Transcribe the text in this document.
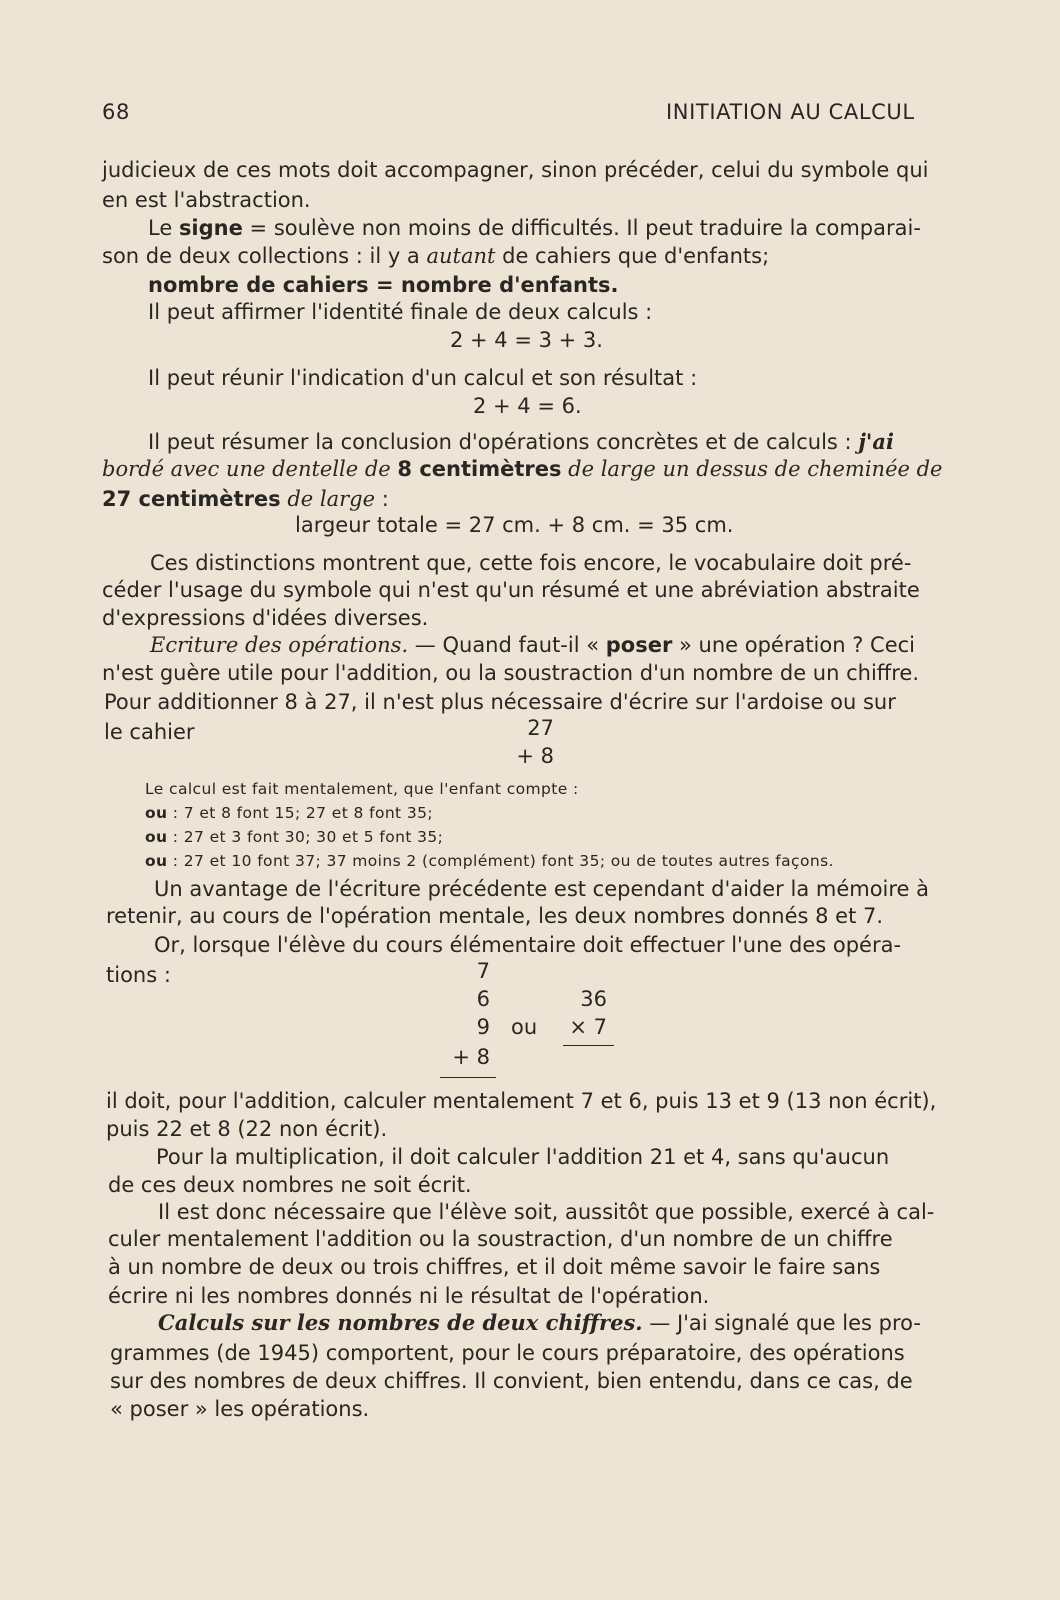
68	INITIATION AU CALCUL
judicieux de ces mots doit accompagner, sinon précéder, celui du symbole qui
en est l'abstraction.
Le signe = soulève non moins de difficultés. Il peut traduire la comparai-
son de deux collections : il y a autant de cahiers que d'enfants;
nombre de cahiers = nombre d'enfants.
Il peut affirmer l'identité finale de deux calculs :
2 + 4 = 3 + 3.
Il peut réunir l'indication d'un calcul et son résultat :
2 + 4 = 6.
Il peut résumer la conclusion d'opérations concrètes et de calculs : j'ai
bordé avec une dentelle de 8 centimètres de large un dessus de cheminée de
27 centimètres de large :
largeur totale = 27 cm. + 8 cm. = 35 cm.
Ces distinctions montrent que, cette fois encore, le vocabulaire doit pré-
céder l'usage du symbole qui n'est qu'un résumé et une abréviation abstraite
d'expressions d'idées diverses.
Ecriture des opérations. — Quand faut-il « poser » une opération ? Ceci
n'est guère utile pour l'addition, ou la soustraction d'un nombre de un chiffre.
Pour additionner 8 à 27, il n'est plus nécessaire d'écrire sur l'ardoise ou sur
le cahier	27
+ 8
Le calcul est fait mentalement, que l'enfant compte :
ou : 7 et 8 font 15; 27 et 8 font 35;
ou : 27 et 3 font 30; 30 et 5 font 35;
ou : 27 et 10 font 37; 37 moins 2 (complément) font 35; ou de toutes autres façons.
Un avantage de l'écriture précédente est cependant d'aider la mémoire à
retenir, au cours de l'opération mentale, les deux nombres donnés 8 et 7.
Or, lorsque l'élève du cours élémentaire doit effectuer l'une des opéra-
tions :	7
6
9 ou
+ 8
36
× 7
il doit, pour l'addition, calculer mentalement 7 et 6, puis 13 et 9 (13 non écrit),
puis 22 et 8 (22 non écrit).
Pour la multiplication, il doit calculer l'addition 21 et 4, sans qu'aucun
de ces deux nombres ne soit écrit.
Il est donc nécessaire que l'élève soit, aussitôt que possible, exercé à cal-
culer mentalement l'addition ou la soustraction, d'un nombre de un chiffre
à un nombre de deux ou trois chiffres, et il doit même savoir le faire sans
écrire ni les nombres donnés ni le résultat de l'opération.
Calculs sur les nombres de deux chiffres. — J'ai signalé que les pro-
grammes (de 1945) comportent, pour le cours préparatoire, des opérations
sur des nombres de deux chiffres. Il convient, bien entendu, dans ce cas, de
« poser » les opérations.
